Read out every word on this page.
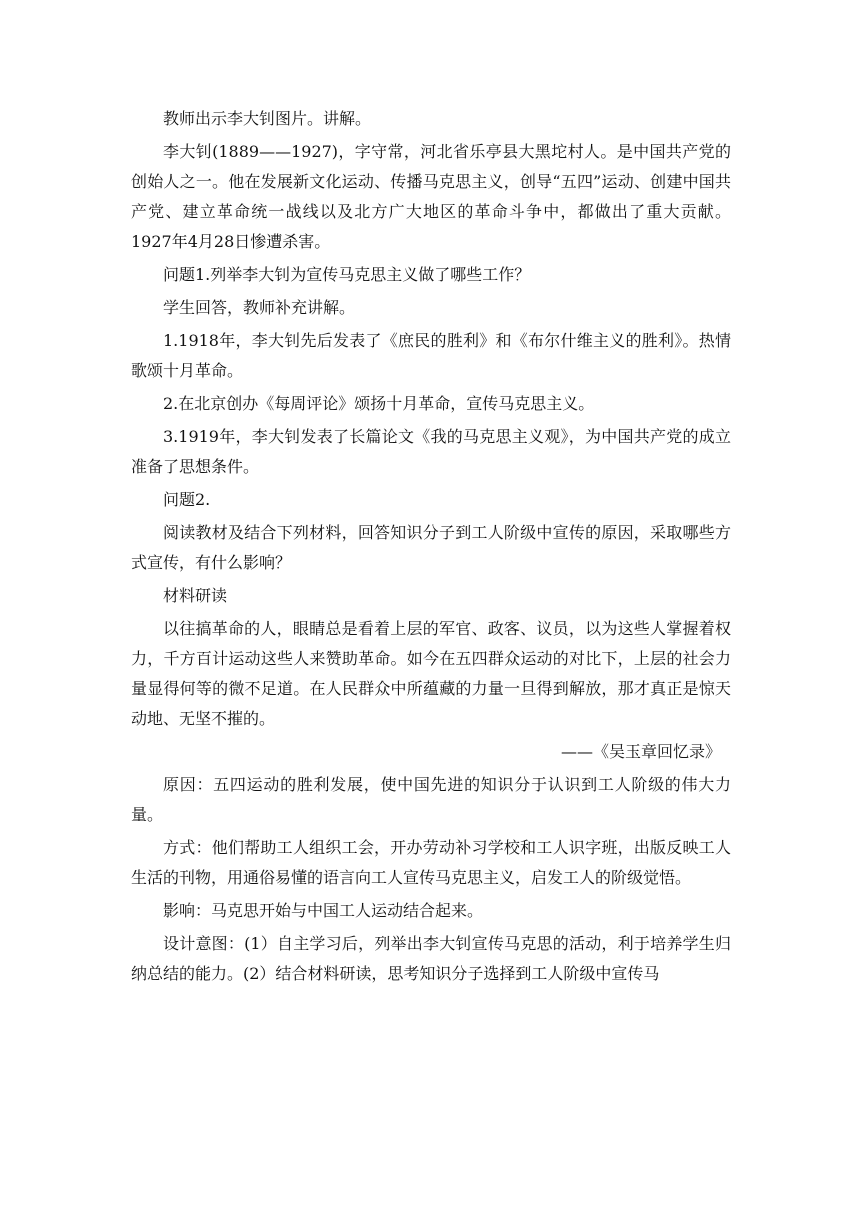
教师出示李大钊图片。讲解。

李大钊(1889——1927)，字守常，河北省乐亭县大黑坨村人。是中国共产党的创始人之一。他在发展新文化运动、传播马克思主义，创导“五四”运动、创建中国共产党、建立革命统一战线以及北方广大地区的革命斗争中，都做出了重大贡献。1927年4月28日惨遭杀害。

问题1.列举李大钊为宣传马克思主义做了哪些工作？

学生回答，教师补充讲解。

1.1918年，李大钊先后发表了《庶民的胜利》和《布尔什维主义的胜利》。热情歌颂十月革命。

2.在北京创办《每周评论》颂扬十月革命，宣传马克思主义。

3.1919年，李大钊发表了长篇论文《我的马克思主义观》，为中国共产党的成立准备了思想条件。

问题2.

阅读教材及结合下列材料，回答知识分子到工人阶级中宣传的原因，采取哪些方式宣传，有什么影响？

材料研读

以往搞革命的人，眼睛总是看着上层的军官、政客、议员，以为这些人掌握着权力，千方百计运动这些人来赞助革命。如今在五四群众运动的对比下，上层的社会力量显得何等的微不足道。在人民群众中所蕴藏的力量一旦得到解放，那才真正是惊天动地、无坚不摧的。

——《吴玉章回忆录》

原因：五四运动的胜利发展，使中国先进的知识分于认识到工人阶级的伟大力量。

方式：他们帮助工人组织工会，开办劳动补习学校和工人识字班，出版反映工人生活的刊物，用通俗易懂的语言向工人宣传马克思主义，启发工人的阶级觉悟。

影响：马克思开始与中国工人运动结合起来。

设计意图：(1）自主学习后，列举出李大钊宣传马克思的活动，利于培养学生归纳总结的能力。(2）结合材料研读，思考知识分子选择到工人阶级中宣传马
